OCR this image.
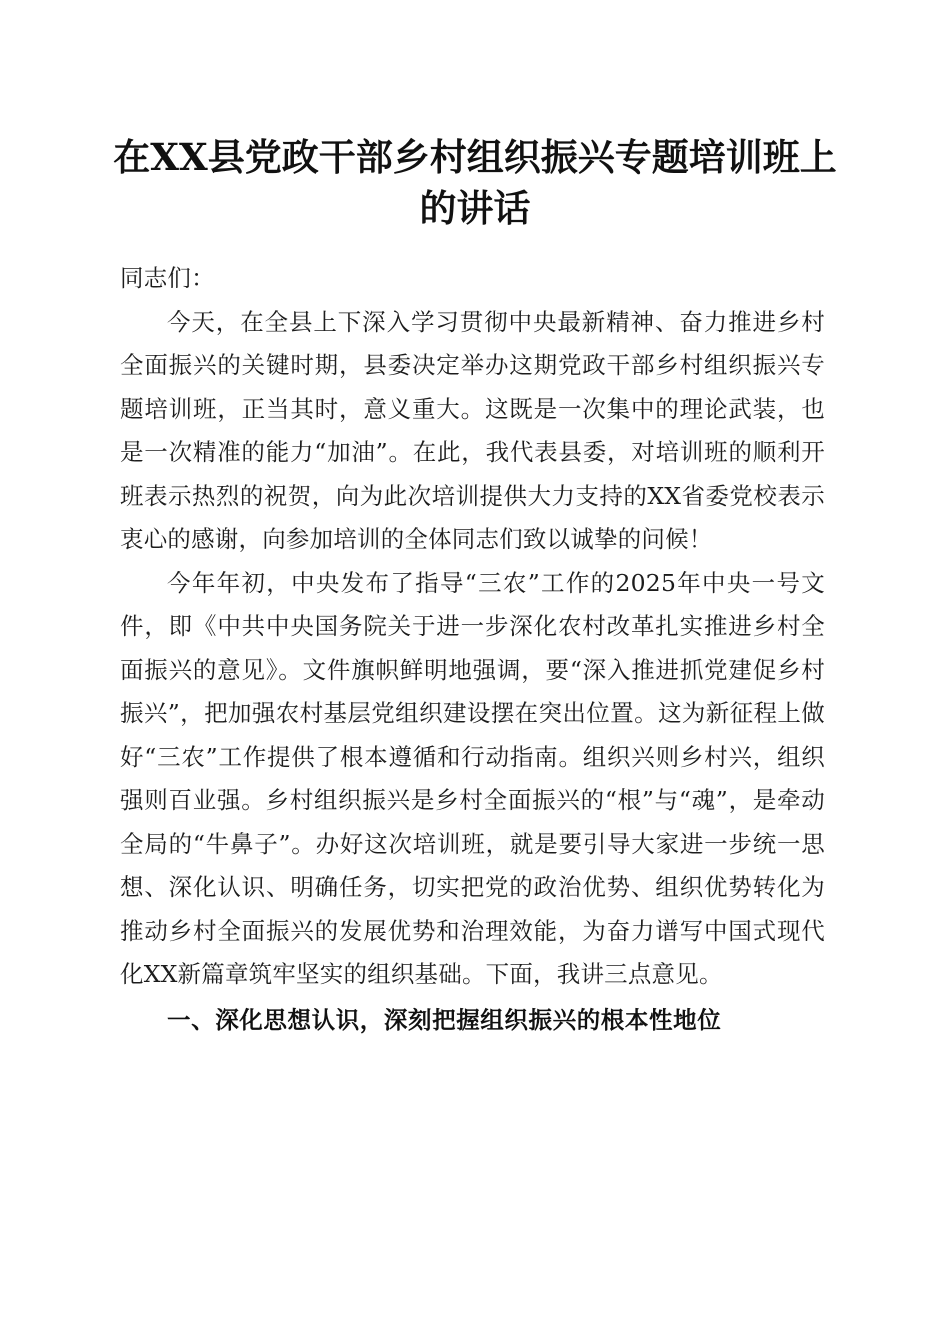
在XX县党政干部乡村组织振兴专题培训班上
的讲话

同志们：

今天，在全县上下深入学习贯彻中央最新精神、奋力推进乡村全面振兴的关键时期，县委决定举办这期党政干部乡村组织振兴专题培训班，正当其时，意义重大。这既是一次集中的理论武装，也是一次精准的能力“加油”。在此，我代表县委，对培训班的顺利开班表示热烈的祝贺，向为此次培训提供大力支持的XX省委党校表示衷心的感谢，向参加培训的全体同志们致以诚挚的问候！

今年年初，中央发布了指导“三农”工作的2025年中央一号文件，即《中共中央国务院关于进一步深化农村改革扎实推进乡村全面振兴的意见》。文件旗帜鲜明地强调，要“深入推进抓党建促乡村振兴”，把加强农村基层党组织建设摆在突出位置。这为新征程上做好“三农”工作提供了根本遵循和行动指南。组织兴则乡村兴，组织强则百业强。乡村组织振兴是乡村全面振兴的“根”与“魂”，是牵动全局的“牛鼻子”。办好这次培训班，就是要引导大家进一步统一思想、深化认识、明确任务，切实把党的政治优势、组织优势转化为推动乡村全面振兴的发展优势和治理效能，为奋力谱写中国式现代化XX新篇章筑牢坚实的组织基础。下面，我讲三点意见。

一、深化思想认识，深刻把握组织振兴的根本性地位
